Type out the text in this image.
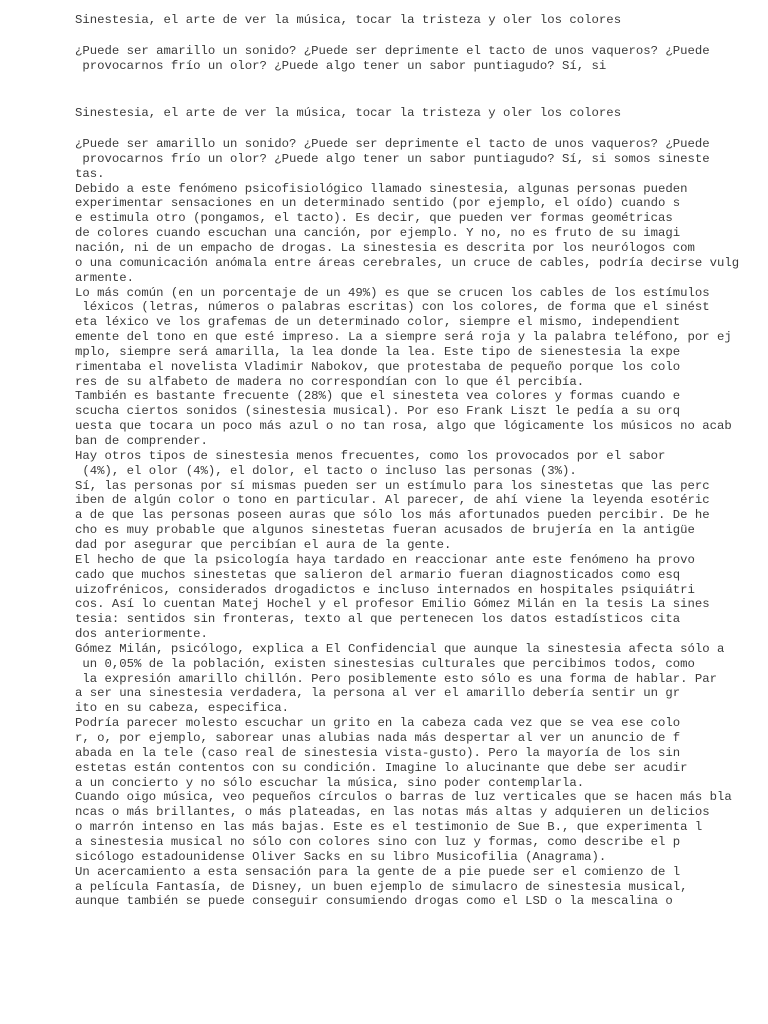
Sinestesia, el arte de ver la música, tocar la tristeza y oler los colores
¿Puede ser amarillo un sonido? ¿Puede ser deprimente el tacto de unos vaqueros? ¿Puede
provocarnos frío un olor? ¿Puede algo tener un sabor puntiagudo? Sí, si
Sinestesia, el arte de ver la música, tocar la tristeza y oler los colores
¿Puede ser amarillo un sonido? ¿Puede ser deprimente el tacto de unos vaqueros? ¿Puede
provocarnos frío un olor? ¿Puede algo tener un sabor puntiagudo? Sí, si somos sineste
tas.
Debido a este fenómeno psicofisiológico llamado sinestesia, algunas personas pueden
experimentar sensaciones en un determinado sentido (por ejemplo, el oído) cuando s
e estimula otro (pongamos, el tacto). Es decir, que pueden ver formas geométricas
de colores cuando escuchan una canción, por ejemplo. Y no, no es fruto de su imagi
nación, ni de un empacho de drogas. La sinestesia es descrita por los neurólogos com
o una comunicación anómala entre áreas cerebrales, un cruce de cables, podría decirse vulg
armente.
Lo más común (en un porcentaje de un 49%) es que se crucen los cables de los estímulos
léxicos (letras, números o palabras escritas) con los colores, de forma que el sinést
eta léxico ve los grafemas de un determinado color, siempre el mismo, independient
emente del tono en que esté impreso. La a siempre será roja y la palabra teléfono, por ej
mplo, siempre será amarilla, la lea donde la lea. Este tipo de sienestesia la expe
rimentaba el novelista Vladimir Nabokov, que protestaba de pequeño porque los colo
res de su alfabeto de madera no correspondían con lo que él percibía.
También es bastante frecuente (28%) que el sinesteta vea colores y formas cuando e
scucha ciertos sonidos (sinestesia musical). Por eso Frank Liszt le pedía a su orq
uesta que tocara un poco más azul o no tan rosa, algo que lógicamente los músicos no acab
ban de comprender.
Hay otros tipos de sinestesia menos frecuentes, como los provocados por el sabor
(4%), el olor (4%), el dolor, el tacto o incluso las personas (3%).
Sí, las personas por sí mismas pueden ser un estímulo para los sinestetas que las perc
iben de algún color o tono en particular. Al parecer, de ahí viene la leyenda esotéric
a de que las personas poseen auras que sólo los más afortunados pueden percibir. De he
cho es muy probable que algunos sinestetas fueran acusados de brujería en la antigüe
dad por asegurar que percibían el aura de la gente.
El hecho de que la psicología haya tardado en reaccionar ante este fenómeno ha provo
cado que muchos sinestetas que salieron del armario fueran diagnosticados como esq
uizofrénicos, considerados drogadictos e incluso internados en hospitales psiquiátri
cos. Así lo cuentan Matej Hochel y el profesor Emilio Gómez Milán en la tesis La sines
tesia: sentidos sin fronteras, texto al que pertenecen los datos estadísticos cita
dos anteriormente.
Gómez Milán, psicólogo, explica a El Confidencial que aunque la sinestesia afecta sólo a
un 0,05% de la población, existen sinestesias culturales que percibimos todos, como
la expresión amarillo chillón. Pero posiblemente esto sólo es una forma de hablar. Par
a ser una sinestesia verdadera, la persona al ver el amarillo debería sentir un gr
ito en su cabeza, especifica.
Podría parecer molesto escuchar un grito en la cabeza cada vez que se vea ese colo
r, o, por ejemplo, saborear unas alubias nada más despertar al ver un anuncio de f
abada en la tele (caso real de sinestesia vista-gusto). Pero la mayoría de los sin
estetas están contentos con su condición. Imagine lo alucinante que debe ser acudir
a un concierto y no sólo escuchar la música, sino poder contemplarla.
Cuando oigo música, veo pequeños círculos o barras de luz verticales que se hacen más bla
ncas o más brillantes, o más plateadas, en las notas más altas y adquieren un delicios
o marrón intenso en las más bajas. Este es el testimonio de Sue B., que experimenta l
a sinestesia musical no sólo con colores sino con luz y formas, como describe el p
sicólogo estadounidense Oliver Sacks en su libro Musicofilia (Anagrama).
Un acercamiento a esta sensación para la gente de a pie puede ser el comienzo de l
a película Fantasía, de Disney, un buen ejemplo de simulacro de sinestesia musical,
aunque también se puede conseguir consumiendo drogas como el LSD o la mescalina o
